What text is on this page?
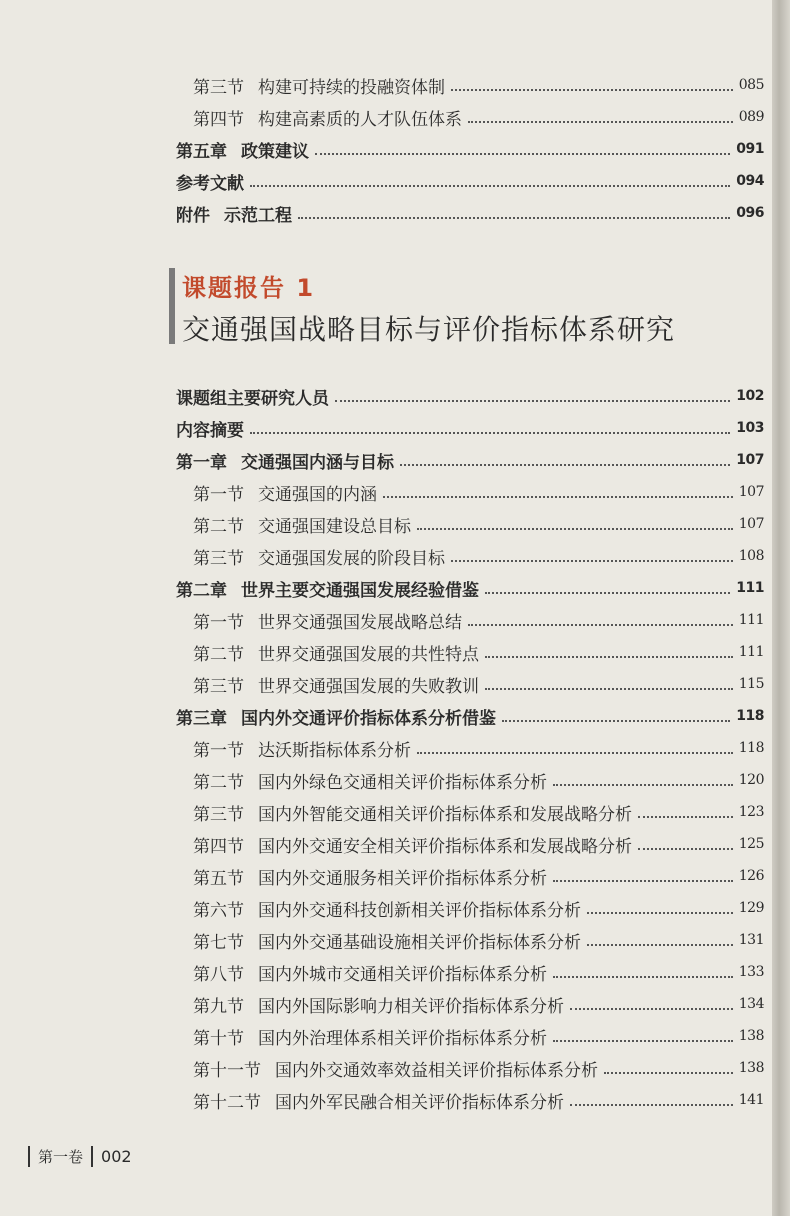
第三节 构建可持续的投融资体制	085
第四节 构建高素质的人才队伍体系	089
第五章 政策建议	091
参考文献	094
附件 示范工程	096
课题报告 1
交通强国战略目标与评价指标体系研究
课题组主要研究人员	102
内容摘要	103
第一章 交通强国内涵与目标	107
第一节 交通强国的内涵	107
第二节 交通强国建设总目标	107
第三节 交通强国发展的阶段目标	108
第二章 世界主要交通强国发展经验借鉴	111
第一节 世界交通强国发展战略总结	111
第二节 世界交通强国发展的共性特点	111
第三节 世界交通强国发展的失败教训	115
第三章 国内外交通评价指标体系分析借鉴	118
第一节 达沃斯指标体系分析	118
第二节 国内外绿色交通相关评价指标体系分析	120
第三节 国内外智能交通相关评价指标体系和发展战略分析	123
第四节 国内外交通安全相关评价指标体系和发展战略分析	125
第五节 国内外交通服务相关评价指标体系分析	126
第六节 国内外交通科技创新相关评价指标体系分析	129
第七节 国内外交通基础设施相关评价指标体系分析	131
第八节 国内外城市交通相关评价指标体系分析	133
第九节 国内外国际影响力相关评价指标体系分析	134
第十节 国内外治理体系相关评价指标体系分析	138
第十一节 国内外交通效率效益相关评价指标体系分析	138
第十二节 国内外军民融合相关评价指标体系分析	141
第一卷	002
